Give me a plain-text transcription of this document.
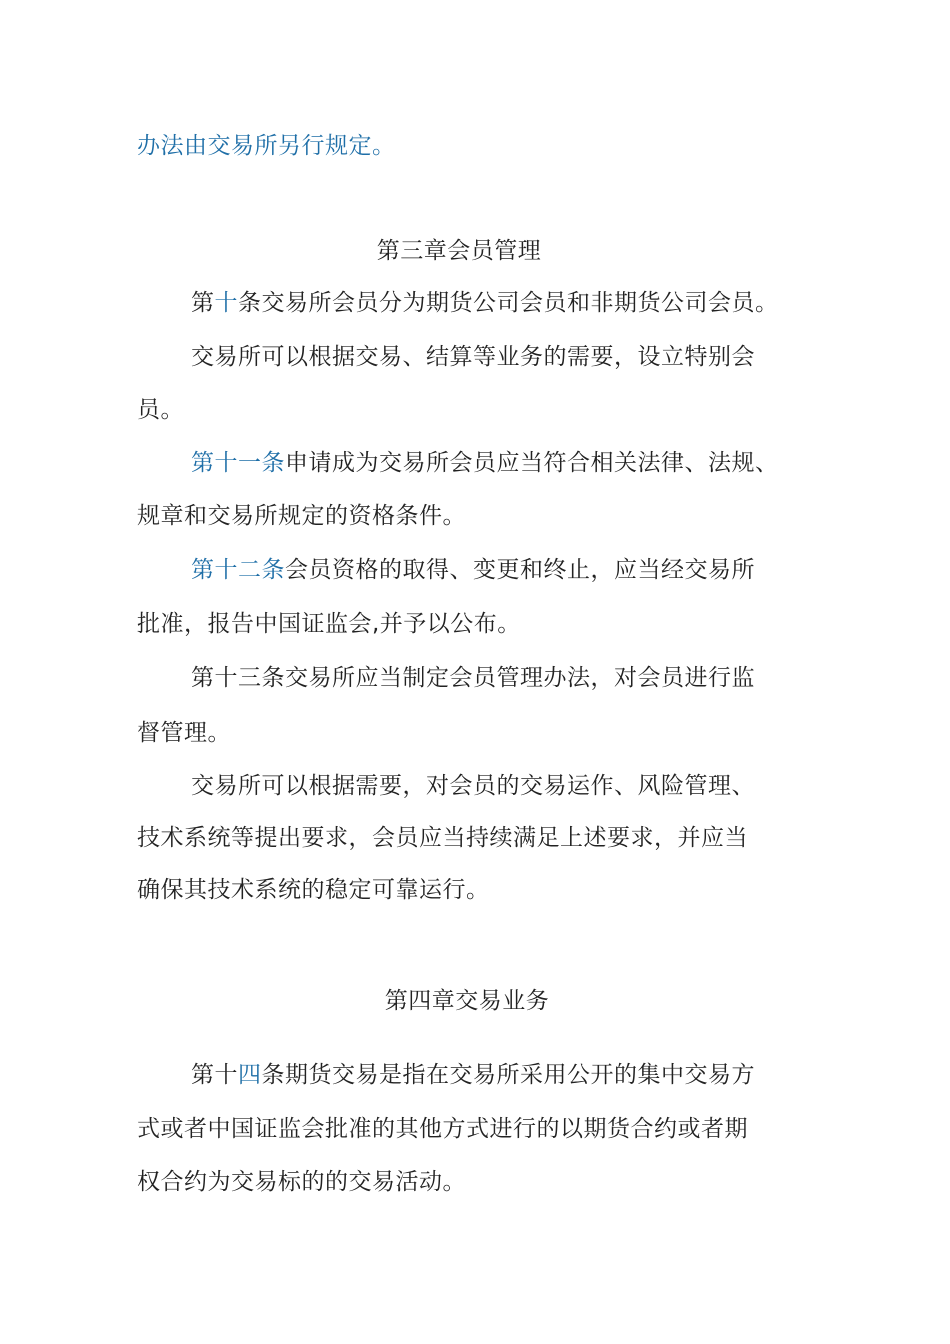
办法由交易所另行规定。
第三章会员管理
第十条交易所会员分为期货公司会员和非期货公司会员。
交易所可以根据交易、结算等业务的需要，设立特别会
员。
第十一条申请成为交易所会员应当符合相关法律、法规、
规章和交易所规定的资格条件。
第十二条会员资格的取得、变更和终止，应当经交易所
批准，报告中国证监会,并予以公布。
第十三条交易所应当制定会员管理办法，对会员进行监
督管理。
交易所可以根据需要，对会员的交易运作、风险管理、
技术系统等提出要求，会员应当持续满足上述要求，并应当
确保其技术系统的稳定可靠运行。
第四章交易业务
第十四条期货交易是指在交易所采用公开的集中交易方
式或者中国证监会批准的其他方式进行的以期货合约或者期
权合约为交易标的的交易活动。
